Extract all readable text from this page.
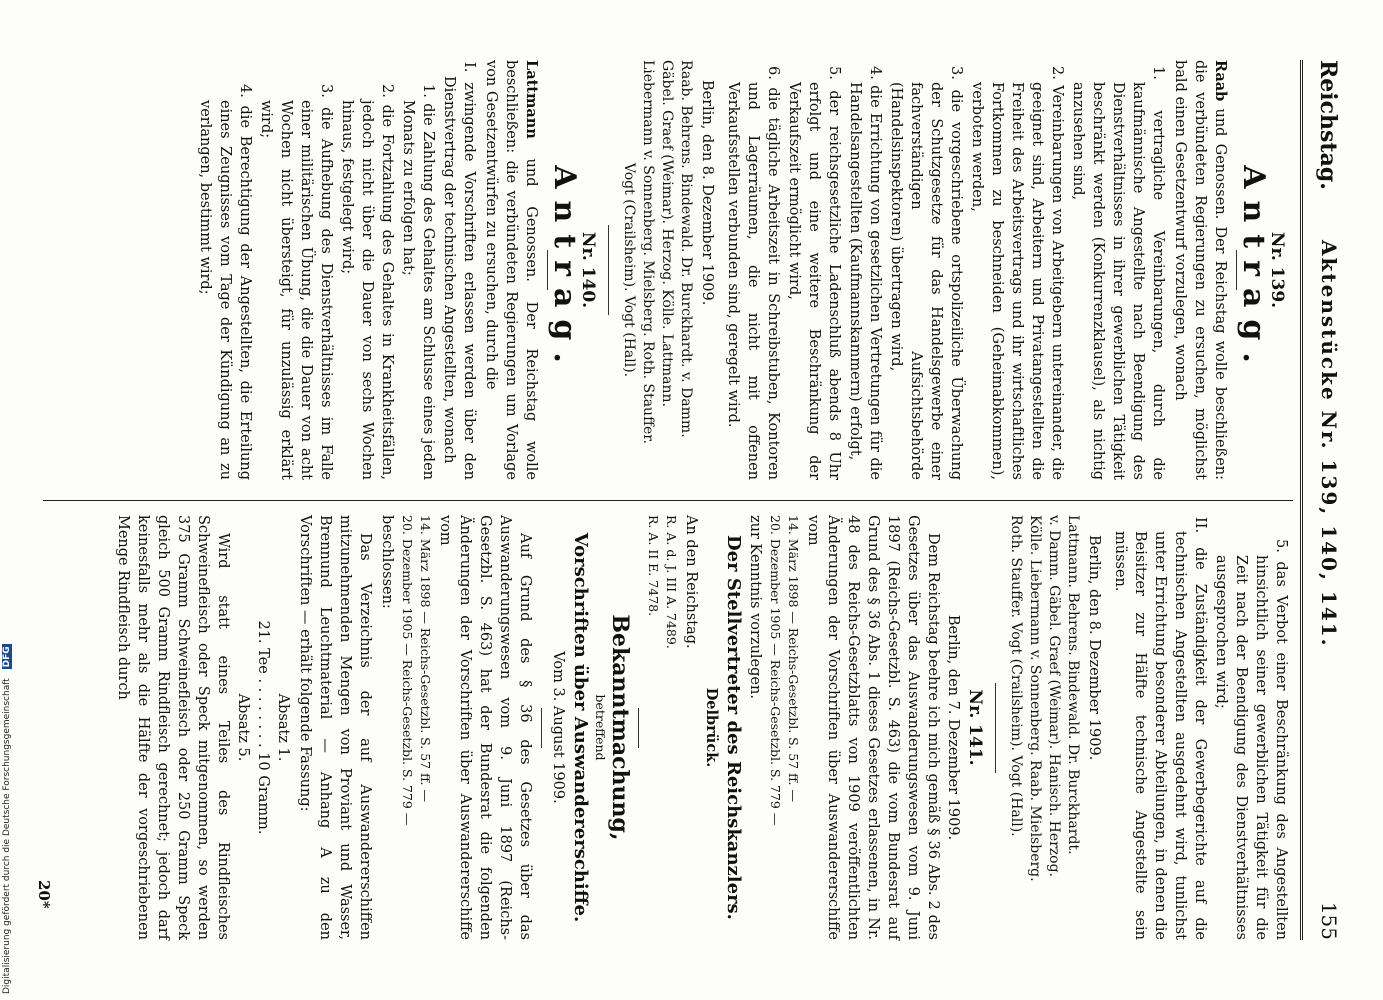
Reichstag.
Aktenstücke Nr. 139, 140, 141.
155
Nr. 139.
Antrag.

Raab und Genossen. Der Reichstag wolle beschließen: die verbündeten Regierungen zu ersuchen, möglichst bald einen Gesetzentwurf vorzulegen, wonach

1. vertragliche Vereinbarungen, durch die kaufmännische Angestellte nach Beendigung des Dienstverhältnisses in ihrer gewerblichen Tätigkeit beschränkt werden (Konkurrenzklausel), als nichtig anzusehen sind,
2. Vereinbarungen von Arbeitgebern untereinander, die geeignet sind, Arbeitern und Privatangestellten die Freiheit des Arbeitsvertrags und ihr wirtschaftliches Fortkommen zu beschneiden (Geheimabkommen), verboten werden,
3. die vorgeschriebene ortspolizeiliche Überwachung der Schutzgesetze für das Handelsgewerbe einer fachverständigen Aufsichtsbehörde (Handelsinspektoren) übertragen wird,
4. die Errichtung von gesetzlichen Vertretungen für die Handelsangestellten (Kaufmannskammern) erfolgt,
5. der reichsgesetzliche Ladenschluß abends 8 Uhr erfolgt und eine weitere Beschränkung der Verkaufszeit ermöglicht wird,
6. die tägliche Arbeitszeit in Schreibstuben, Kontoren und Lagerräumen, die nicht mit offenen Verkaufsstellen verbunden sind, geregelt wird.
Berlin, den 8. Dezember 1909.

Raab. Behrens. Bindewald. Dr. Burckhardt. v. Damm.

Gäbel. Graef (Weimar). Herzog. Kölle. Lattmann.

Liebermann v. Sonnenberg. Mielsberg. Roth. Stauffer.

Vogt (Crailsheim). Vogt (Hall).

Nr. 140.
Antrag.

Lattmann und Genossen. Der Reichstag wolle beschließen: die verbündeten Regierungen um Vorlage von Gesetzentwürfen zu ersuchen, durch die

I. zwingende Vorschriften erlassen werden über den Dienstvertrag der technischen Angestellten, wonach
1. die Zahlung des Gehaltes am Schlusse eines jeden Monats zu erfolgen hat;
2. die Fortzahlung des Gehaltes in Krankheitsfällen, jedoch nicht über die Dauer von sechs Wochen hinaus, festgelegt wird;
3. die Aufhebung des Dienstverhältnisses im Falle einer militärischen Übung, die die Dauer von acht Wochen nicht übersteigt, für unzulässig erklärt wird;
4. die Berechtigung der Angestellten, die Erteilung eines Zeugnisses vom Tage der Kündigung an zu verlangen, bestimmt wird;
5. das Verbot einer Beschränkung des Angestellten hinsichtlich seiner gewerblichen Tätigkeit für die Zeit nach der Beendigung des Dienstverhältnisses ausgesprochen wird;
II. die Zuständigkeit der Gewerbegerichte auf die technischen Angestellten ausgedehnt wird, tunlichst unter Errichtung besonderer Abteilungen, in denen die Beisitzer zur Hälfte technische Angestellte sein müssen.
Berlin, den 8. Dezember 1909.

Lattmann. Behrens. Bindewald. Dr. Burckhardt.

v. Damm. Gäbel. Graef (Weimar). Hanisch. Herzog.

Kölle. Liebermann v. Sonnenberg. Raab. Mielsberg.

Roth. Stauffer. Vogt (Crailsheim). Vogt (Hall).

Nr. 141.
Berlin, den 7. Dezember 1909.

Dem Reichstag beehre ich mich gemäß § 36 Abs. 2 des Gesetzes über das Auswanderungswesen vom 9. Juni 1897 (Reichs-Gesetzbl. S. 463) die vom Bundesrat auf Grund des § 36 Abs. 1 dieses Gesetzes erlassenen, in Nr. 48 des Reichs-Gesetzblatts von 1909 veröffentlichten Änderungen der Vorschriften über Auswandererschiffe vom

14. März 1898 — Reichs-Gesetzbl. S. 57 ff. —

20. Dezember 1905 — Reichs-Gesetzbl. S. 779 —

zur Kenntnis vorzulegen.

Der Stellvertreter des Reichskanzlers.
Delbrück.

An den Reichstag.

R. A. d. J. III A. 7489.

R. A. II E. 7478.

Bekanntmachung,
betreffend
Vorschriften über Auswandererschiffe.
Vom 3. August 1909.

Auf Grund des § 36 des Gesetzes über das Auswanderungswesen vom 9. Juni 1897 (Reichs-Gesetzbl. S. 463) hat der Bundesrat die folgenden Änderungen der Vorschriften über Auswandererschiffe vom

14. März 1898 — Reichs-Gesetzbl. S. 57 ff. —

20. Dezember 1905 — Reichs-Gesetzbl. S. 779 —

beschlossen:

Das Verzeichnis der auf Auswandererschiffen mitzunehmenden Mengen von Proviant und Wasser, Brennund Leuchtmaterial — Anhang A zu den Vorschriften — erhält folgende Fassung:

Absatz 1.
21. Tee . . . . . . . . 10 Gramm.
Absatz 5.

Wird statt eines Teiles des Rindfleisches Schweinefleisch oder Speck mitgenommen, so werden 375 Gramm Schweinefleisch oder 250 Gramm Speck gleich 500 Gramm Rindfleisch gerechnet; jedoch darf keinesfalls mehr als die Hälfte der vorgeschriebenen Menge Rindfleisch durch

20*
Digitalisierung gefördert durch die Deutsche Forschungsgemeinschaft DFG
